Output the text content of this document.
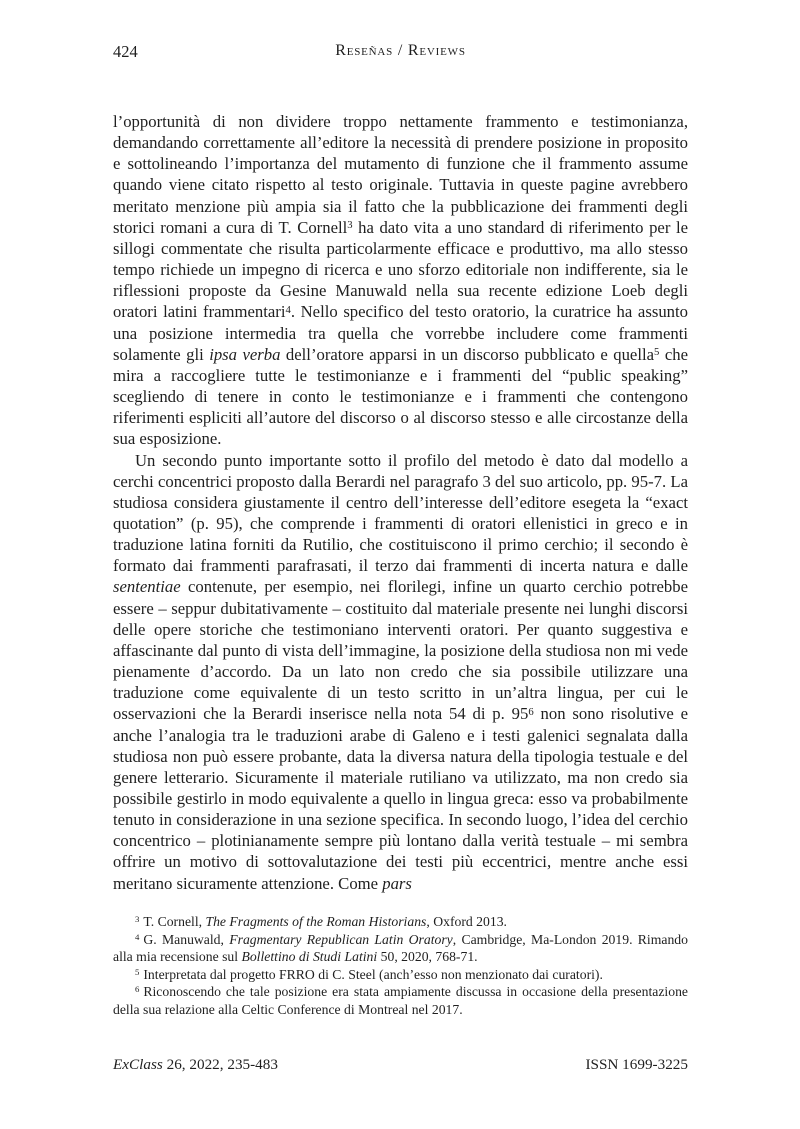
424	Reseñas / Reviews

l’opportunità di non dividere troppo nettamente frammento e testimonianza, demandando correttamente all’editore la necessità di prendere posizione in proposito e sottolineando l’importanza del mutamento di funzione che il frammento assume quando viene citato rispetto al testo originale. Tuttavia in queste pagine avrebbero meritato menzione più ampia sia il fatto che la pubblicazione dei frammenti degli storici romani a cura di T. Cornell$^3$ ha dato vita a uno standard di riferimento per le sillogi commentate che risulta particolarmente efficace e produttivo, ma allo stesso tempo richiede un impegno di ricerca e uno sforzo editoriale non indifferente, sia le riflessioni proposte da Gesine Manuwald nella sua recente edizione Loeb degli oratori latini frammentari$^4$. Nello specifico del testo oratorio, la curatrice ha assunto una posizione intermedia tra quella che vorrebbe includere come frammenti solamente gli ipsa verba dell’oratore apparsi in un discorso pubblicato e quella$^5$ che mira a raccogliere tutte le testimonianze e i frammenti del “public speaking” scegliendo di tenere in conto le testimonianze e i frammenti che contengono riferimenti espliciti all’autore del discorso o al discorso stesso e alle circostanze della sua esposizione.

Un secondo punto importante sotto il profilo del metodo è dato dal modello a cerchi concentrici proposto dalla Berardi nel paragrafo 3 del suo articolo, pp. 95-7. La studiosa considera giustamente il centro dell’interesse dell’editore esegeta la “exact quotation” (p. 95), che comprende i frammenti di oratori ellenistici in greco e in traduzione latina forniti da Rutilio, che costituiscono il primo cerchio; il secondo è formato dai frammenti parafrasati, il terzo dai frammenti di incerta natura e dalle sententiae contenute, per esempio, nei florilegi, infine un quarto cerchio potrebbe essere – seppur dubitativamente – costituito dal materiale presente nei lunghi discorsi delle opere storiche che testimoniano interventi oratori. Per quanto suggestiva e affascinante dal punto di vista dell’immagine, la posizione della studiosa non mi vede pienamente d’accordo. Da un lato non credo che sia possibile utilizzare una traduzione come equivalente di un testo scritto in un’altra lingua, per cui le osservazioni che la Berardi inserisce nella nota 54 di p. $95^6$ non sono risolutive e anche l’analogia tra le traduzioni arabe di Galeno e i testi galenici segnalata dalla studiosa non può essere probante, data la diversa natura della tipologia testuale e del genere letterario. Sicuramente il materiale rutiliano va utilizzato, ma non credo sia possibile gestirlo in modo equivalente a quello in lingua greca: esso va probabilmente tenuto in considerazione in una sezione specifica. In secondo luogo, l’idea del cerchio concentrico – plotinianamente sempre più lontano dalla verità testuale – mi sembra offrire un motivo di sottovalutazione dei testi più eccentrici, mentre anche essi meritano sicuramente attenzione. Come pars

$^3$ T. Cornell, The Fragments of the Roman Historians, Oxford 2013.

$^4$ G. Manuwald, Fragmentary Republican Latin Oratory, Cambridge, Ma-London 2019. Rimando alla mia recensione sul Bollettino di Studi Latini 50, 2020, 768-71.

$^5$ Interpretata dal progetto FRRO di C. Steel (anch’esso non menzionato dai curatori).

$^6$ Riconoscendo che tale posizione era stata ampiamente discussa in occasione della presentazione della sua relazione alla Celtic Conference di Montreal nel 2017.

ExClass 26, 2022, 235-483	ISSN 1699-3225
